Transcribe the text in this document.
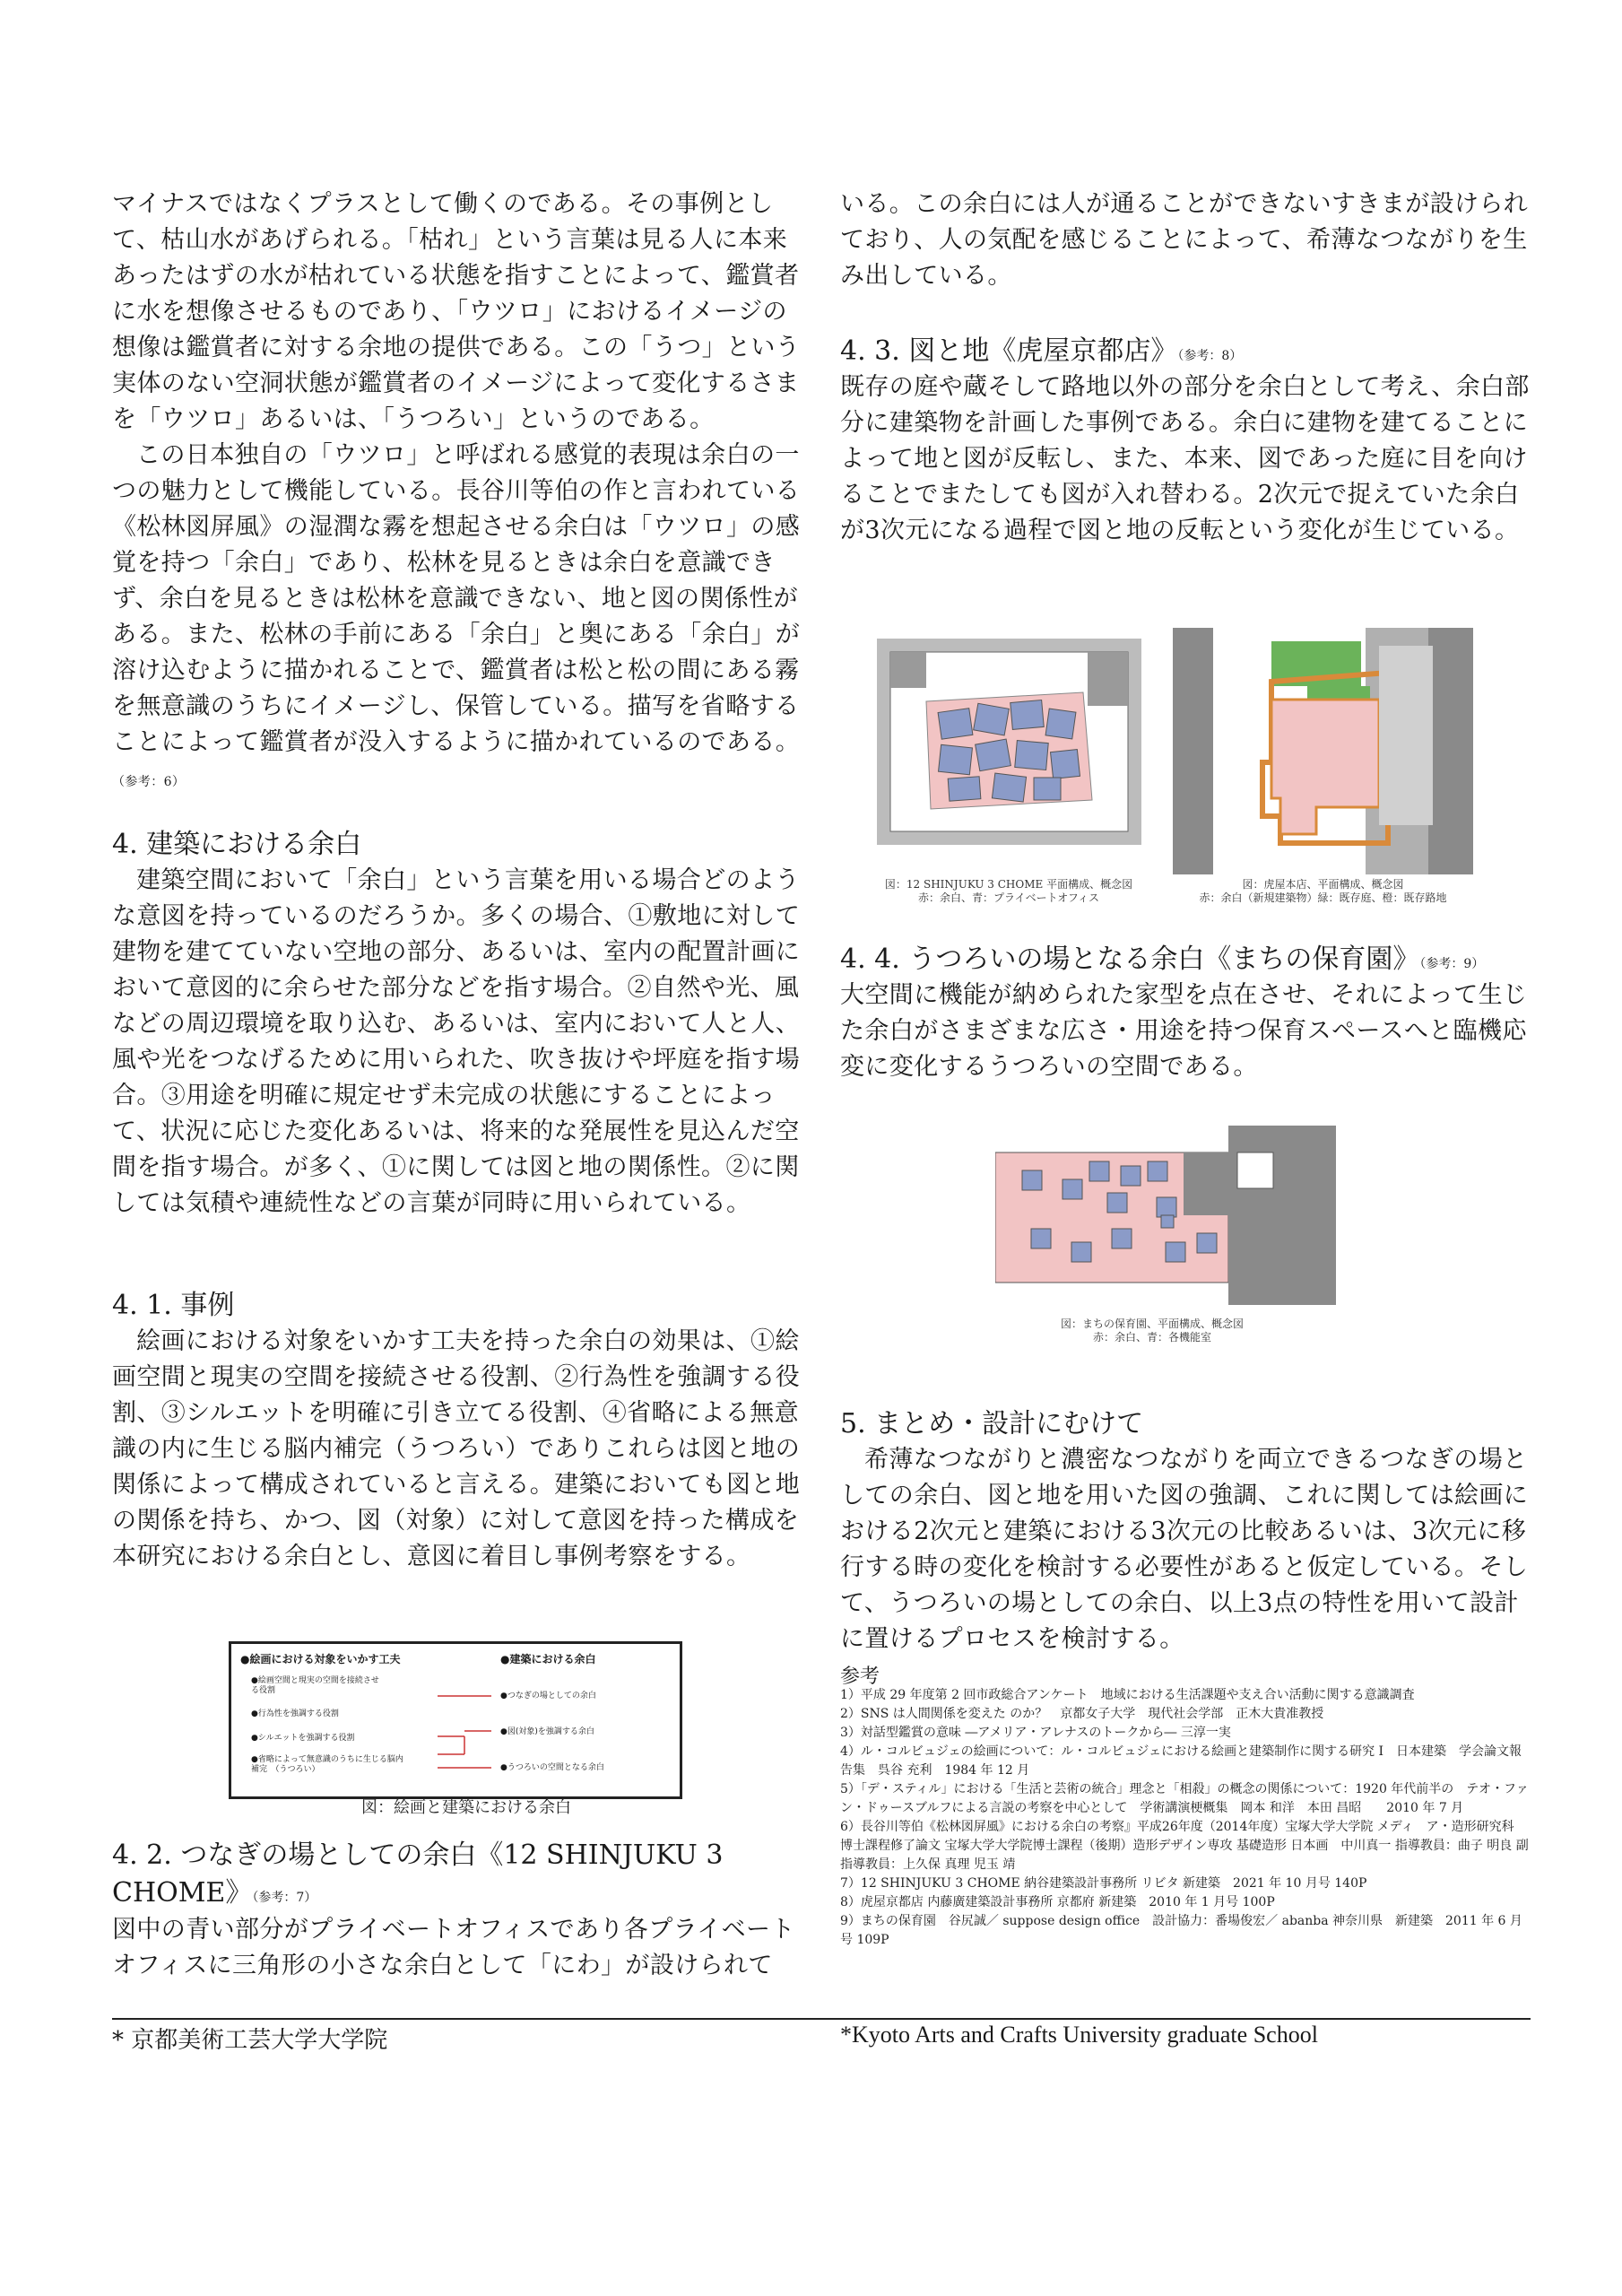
マイナスではなくプラスとして働くのである。その事例として、枯山水があげられる。「枯れ」という言葉は見る人に本来あったはずの水が枯れている状態を指すことによって、鑑賞者に水を想像させるものであり、「ウツロ」におけるイメージの想像は鑑賞者に対する余地の提供である。この「うつ」という実体のない空洞状態が鑑賞者のイメージによって変化するさまを「ウツロ」あるいは、「うつろい」というのである。
この日本独自の「ウツロ」と呼ばれる感覚的表現は余白の一つの魅力として機能している。長谷川等伯の作と言われている《松林図屏風》の湿潤な霧を想起させる余白は「ウツロ」の感覚を持つ「余白」であり、松林を見るときは余白を意識できず、余白を見るときは松林を意識できない、地と図の関係性がある。また、松林の手前にある「余白」と奥にある「余白」が溶け込むように描かれることで、鑑賞者は松と松の間にある霧を無意識のうちにイメージし、保管している。描写を省略することによって鑑賞者が没入するように描かれているのである。（参考：6）
4. 建築における余白
建築空間において「余白」という言葉を用いる場合どのような意図を持っているのだろうか。多くの場合、①敷地に対して建物を建てていない空地の部分、あるいは、室内の配置計画において意図的に余らせた部分などを指す場合。②自然や光、風などの周辺環境を取り込む、あるいは、室内において人と人、風や光をつなげるために用いられた、吹き抜けや坪庭を指す場合。③用途を明確に規定せず未完成の状態にすることによって、状況に応じた変化あるいは、将来的な発展性を見込んだ空間を指す場合。が多く、①に関しては図と地の関係性。②に関しては気積や連続性などの言葉が同時に用いられている。
4. 1. 事例
絵画における対象をいかす工夫を持った余白の効果は、①絵画空間と現実の空間を接続させる役割、②行為性を強調する役割、③シルエットを明確に引き立てる役割、④省略による無意識の内に生じる脳内補完（うつろい）でありこれらは図と地の関係によって構成されていると言える。建築においても図と地の関係を持ち、かつ、図（対象）に対して意図を持った構成を本研究における余白とし、意図に着目し事例考察をする。
●絵画における対象をいかす工夫	●建築における余白
●絵画空間と現実の空間を接続させる役割
●行為性を強調する役割
●シルエットを強調する役割
●省略によって無意識のうちに生じる脳内補完　（うつろい）
●つなぎの場としての余白
●図(対象)を強調する余白
●うつろいの空間となる余白
図：絵画と建築における余白
4. 2. つなぎの場としての余白《12 SHINJUKU 3 CHOME》（参考：7）
図中の青い部分がプライベートオフィスであり各プライベートオフィスに三角形の小さな余白として「にわ」が設けられて
いる。この余白には人が通ることができないすきまが設けられており、人の気配を感じることによって、希薄なつながりを生み出している。
4. 3. 図と地《虎屋京都店》（参考：8）
既存の庭や蔵そして路地以外の部分を余白として考え、余白部分に建築物を計画した事例である。余白に建物を建てることによって地と図が反転し、また、本来、図であった庭に目を向けることでまたしても図が入れ替わる。2次元で捉えていた余白が3次元になる過程で図と地の反転という変化が生じている。
図：12 SHINJUKU 3 CHOME 平面構成、概念図
赤：余白、青：プライベートオフィス
図：虎屋本店、平面構成、概念図
赤：余白（新規建築物）緑：既存庭、橙：既存路地
4. 4. うつろいの場となる余白《まちの保育園》（参考：9）
大空間に機能が納められた家型を点在させ、それによって生じた余白がさまざまな広さ・用途を持つ保育スペースへと臨機応変に変化するうつろいの空間である。
図：まちの保育園、平面構成、概念図
赤：余白、青：各機能室
5. まとめ・設計にむけて
希薄なつながりと濃密なつながりを両立できるつなぎの場としての余白、図と地を用いた図の強調、これに関しては絵画における2次元と建築における3次元の比較あるいは、3次元に移行する時の変化を検討する必要性があると仮定している。そして、うつろいの場としての余白、以上3点の特性を用いて設計に置けるプロセスを検討する。
参考
1）平成 29 年度第 2 回市政総合アンケート　地域における生活課題や支え合い活動に関する意識調査
2）SNS は人間関係を変えた のか？　京都女子大学　現代社会学部　正木大貴准教授
3）対話型鑑賞の意味 ―アメリア・アレナスのトークから― 三淳一実
4）ル・コルビュジェの絵画について：ル・コルビュジェにおける絵画と建築制作に関する研究 I　日本建築　学会論文報告集　呉谷 充利　1984 年 12 月
5）「デ・スティル」における「生活と芸術の統合」理念と「相殺」の概念の関係について：1920 年代前半の　テオ・ファン・ドゥースブルフによる言説の考察を中心として　学術講演梗概集　岡本 和洋　本田 昌昭　　2010 年 7 月
6）長谷川等伯《松林図屏風》における余白の考察』平成26年度（2014年度）宝塚大学大学院 メディ　ア・造形研究科 博士課程修了論文 宝塚大学大学院博士課程（後期）造形デザイン専攻 基礎造形 日本画　中川真一 指導教員：曲子 明良 副指導教員：上久保 真理 児玉 靖
7）12 SHINJUKU 3 CHOME 納谷建築設計事務所 リビタ 新建築　2021 年 10 月号 140P
8）虎屋京都店 内藤廣建築設計事務所 京都府 新建築　2010 年 1 月号 100P
9）まちの保育園　谷尻誠／ suppose design office　設計協力：番場俊宏／ abanba 神奈川県　新建築　2011 年 6 月号 109P
* 京都美術工芸大学大学院	*Kyoto Arts and Crafts University graduate School
